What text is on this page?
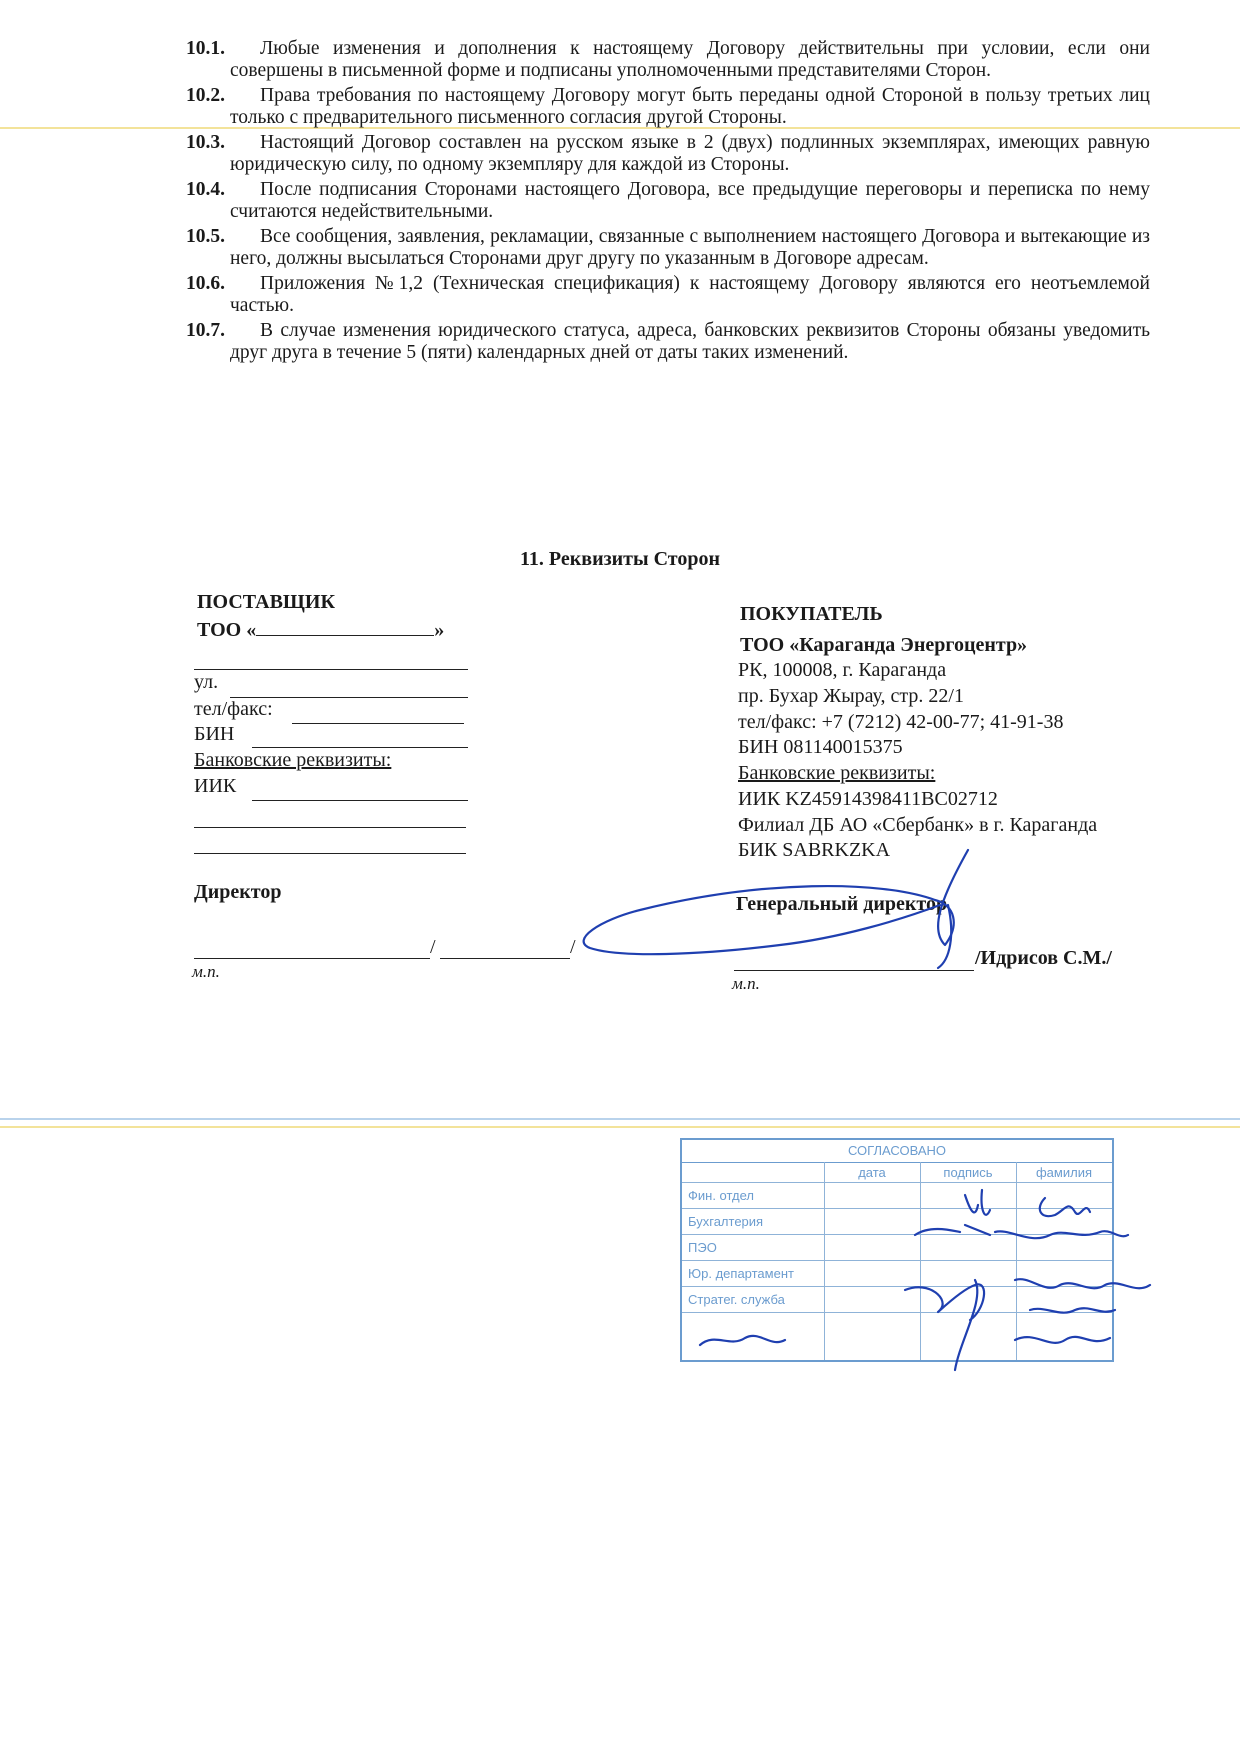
10.1.	Любые изменения и дополнения к настоящему Договору действительны при условии, если они совершены в письменной форме и подписаны уполномоченными представителями Сторон.
10.2.	Права требования по настоящему Договору могут быть переданы одной Стороной в пользу третьих лиц только с предварительного письменного согласия другой Стороны.
10.3.	Настоящий Договор составлен на русском языке в 2 (двух) подлинных экземплярах, имеющих равную юридическую силу, по одному экземпляру для каждой из Стороны.
10.4.	После подписания Сторонами настоящего Договора, все предыдущие переговоры и переписка по нему считаются недействительными.
10.5.	Все сообщения, заявления, рекламации, связанные с выполнением настоящего Договора и вытекающие из него, должны высылаться Сторонами друг другу по указанным в Договоре адресам.
10.6.	Приложения №1,2 (Техническая спецификация) к настоящему Договору являются его неотъемлемой частью.
10.7.	В случае изменения юридического статуса, адреса, банковских реквизитов Стороны обязаны уведомить друг друга в течение 5 (пяти) календарных дней от даты таких изменений.
11. Реквизиты Сторон
ПОСТАВЩИК
ТОО «	»
ул.
тел/факс:
БИН
Банковские реквизиты:
ИИК
Директор
/	/
м.п.
ПОКУПАТЕЛЬ
ТОО «Караганда Энергоцентр»
РК, 100008, г. Караганда
пр. Бухар Жырау, стр. 22/1
тел/факс: +7 (7212) 42-00-77; 41-91-38
БИН 081140015375
Банковские реквизиты:
ИИК KZ45914398411BC02712
Филиал ДБ АО «Сбербанк» в г. Караганда
БИК SABRKZKA
Генеральный директор
/Идрисов С.М./
м.п.
СОГЛАСОВАНО
дата	подпись	фамилия
Фин. отдел
Бухгалтерия
ПЭО
Юр. департамент
Стратег. служба
